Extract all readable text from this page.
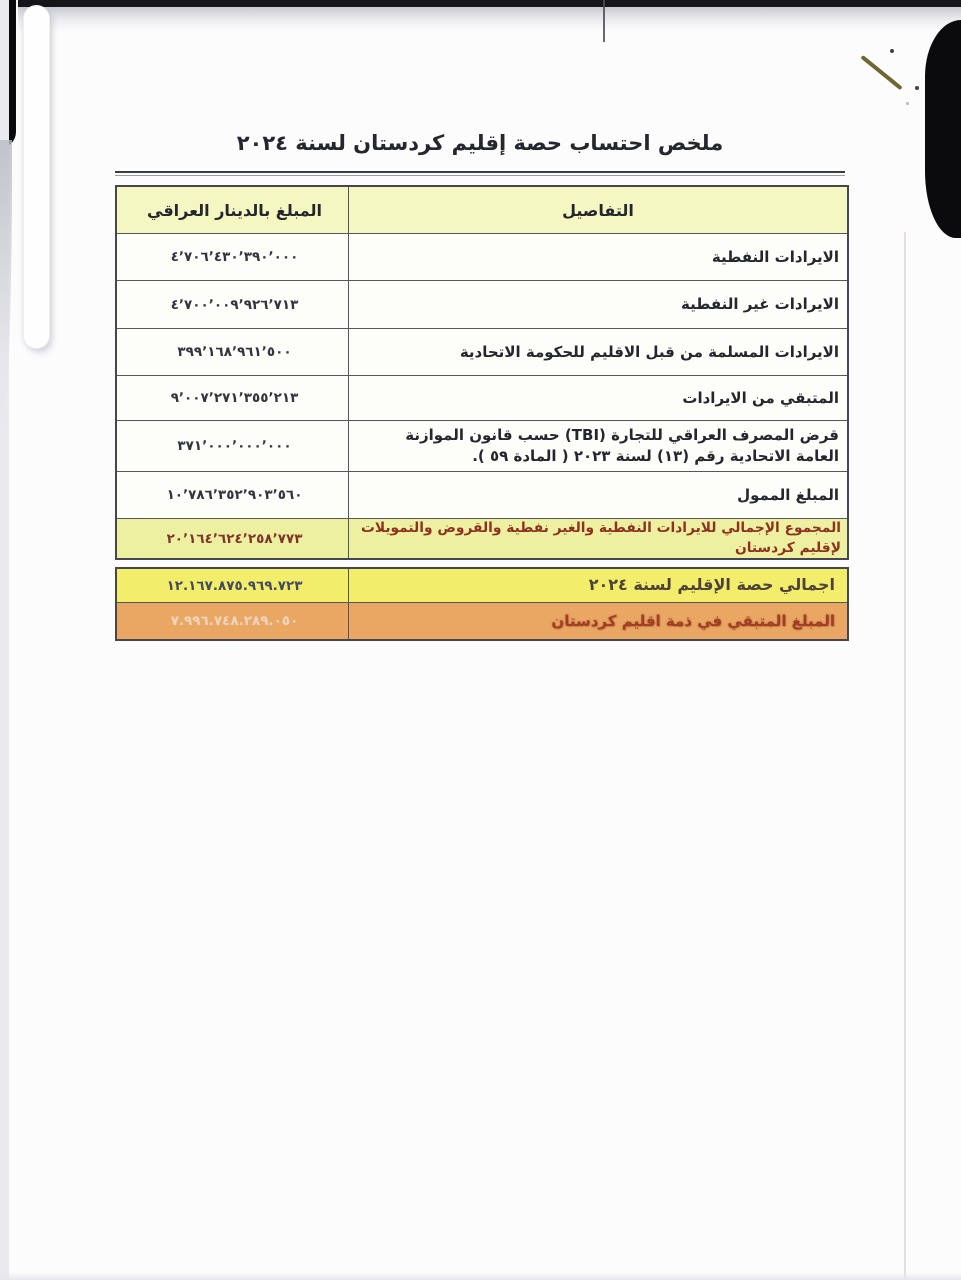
ملخص احتساب حصة إقليم كردستان لسنة ٢٠٢٤
التفاصيل
المبلغ بالدينار العراقي
الايرادات النفطية
٤٬٧٠٦٬٤٣٠٬٣٩٠٬٠٠٠
الايرادات غير النفطية
٤٬٧٠٠٬٠٠٩٬٩٢٦٬٧١٣
الايرادات المسلمة من قبل الاقليم للحكومة الاتحادية
٣٩٩٬١٦٨٬٩٦١٬٥٠٠
المتبقي من الايرادات
٩٬٠٠٧٬٢٧١٬٣٥٥٬٢١٣
قرض المصرف العراقي للتجارة (TBI) حسب قانون الموازنة العامة الاتحادية رقم (١٣) لسنة ٢٠٢٣ ( المادة ٥٩ ).
٣٧١٬٠٠٠٬٠٠٠٬٠٠٠
المبلغ الممول
١٠٬٧٨٦٬٣٥٢٬٩٠٣٬٥٦٠
المجموع الإجمالي للايرادات النفطية والغير نفطية والقروض والتمويلات لإقليم كردستان
٢٠٬١٦٤٬٦٢٤٬٢٥٨٬٧٧٣
اجمالي حصة الإقليم لسنة ٢٠٢٤
١٢.١٦٧.٨٧٥.٩٦٩.٧٢٣
المبلغ المتبقي في ذمة اقليم كردستان
٧.٩٩٦.٧٤٨.٢٨٩.٠٥٠
